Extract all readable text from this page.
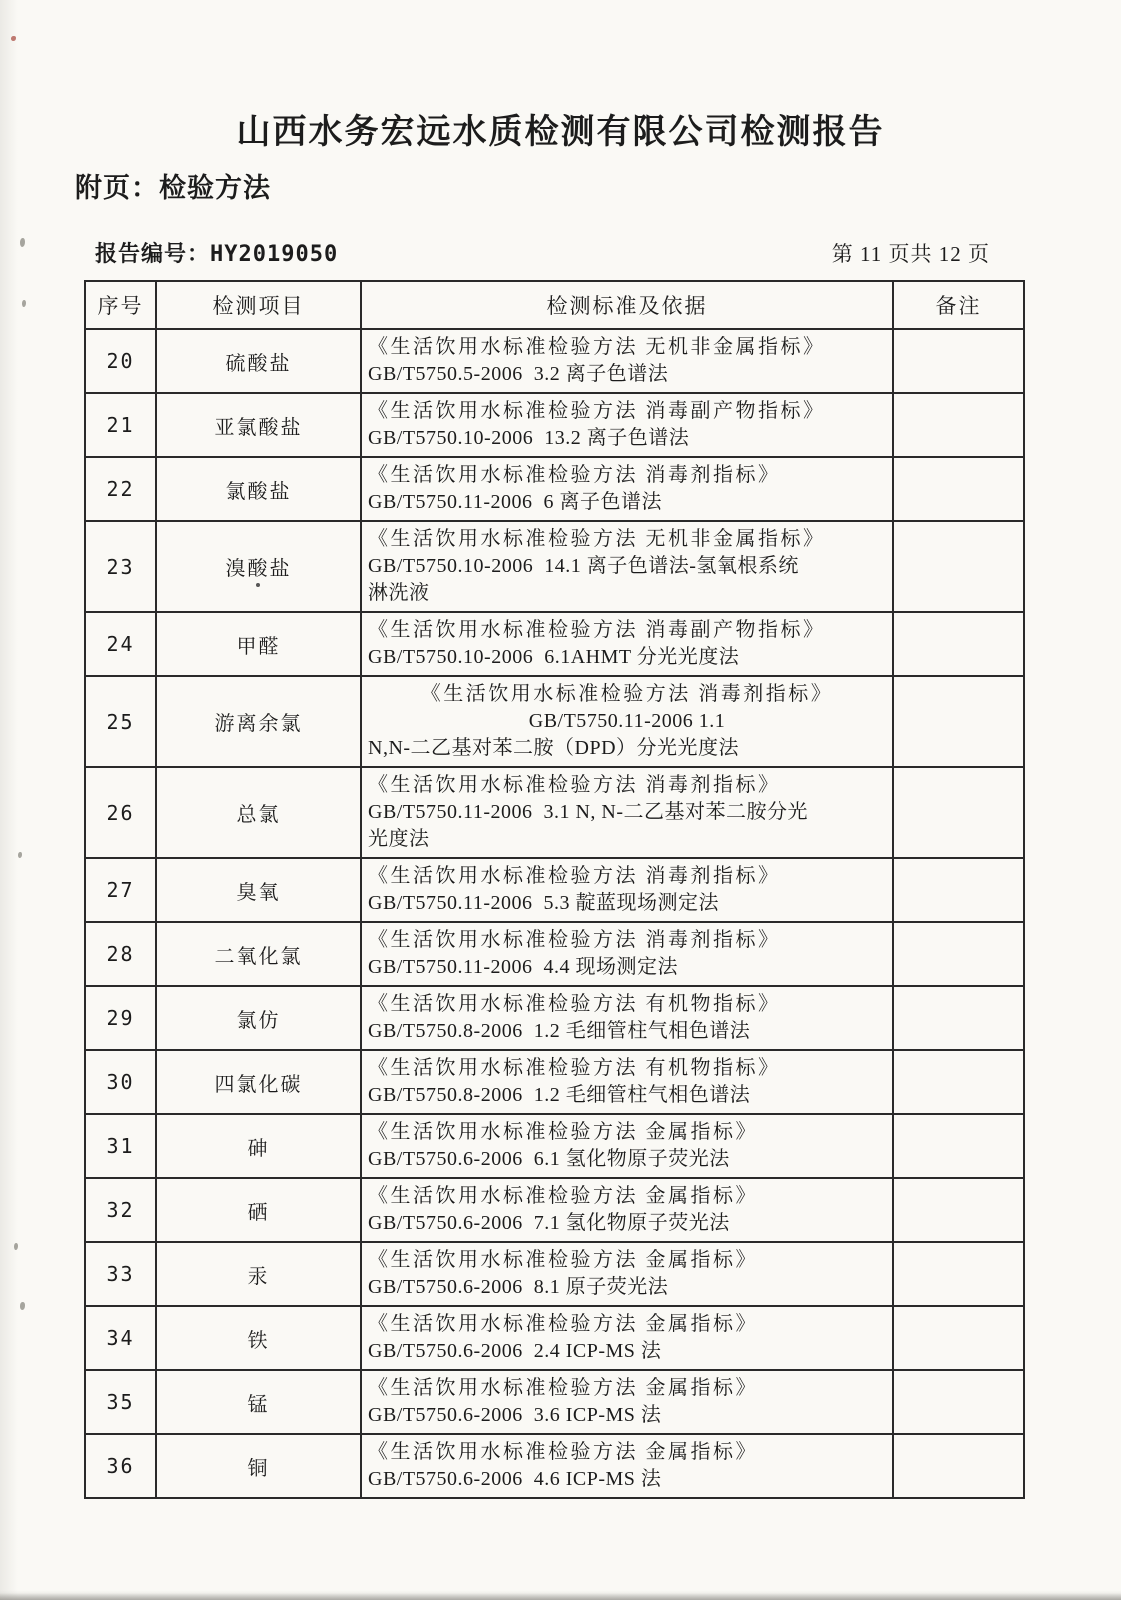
山西水务宏远水质检测有限公司检测报告
附页：检验方法
报告编号：HY2019050	第 11 页共 12 页
序号	检测项目	检测标准及依据	备注
20	硫酸盐	《生活饮用水标准检验方法 无机非金属指标》
GB/T5750.5-2006  3.2 离子色谱法	

21	亚氯酸盐	《生活饮用水标准检验方法 消毒副产物指标》
GB/T5750.10-2006  13.2 离子色谱法	

22	氯酸盐	《生活饮用水标准检验方法 消毒剂指标》
GB/T5750.11-2006  6 离子色谱法	

23	溴酸盐	《生活饮用水标准检验方法 无机非金属指标》
GB/T5750.10-2006  14.1 离子色谱法-氢氧根系统
淋洗液	

24	甲醛	《生活饮用水标准检验方法 消毒副产物指标》
GB/T5750.10-2006  6.1AHMT 分光光度法	

25	游离余氯	《生活饮用水标准检验方法 消毒剂指标》
GB/T5750.11-2006 1.1
N,N-二乙基对苯二胺（DPD）分光光度法	

26	总氯	《生活饮用水标准检验方法 消毒剂指标》
GB/T5750.11-2006  3.1 N, N-二乙基对苯二胺分光
光度法	

27	臭氧	《生活饮用水标准检验方法 消毒剂指标》
GB/T5750.11-2006  5.3 靛蓝现场测定法	

28	二氧化氯	《生活饮用水标准检验方法 消毒剂指标》
GB/T5750.11-2006  4.4 现场测定法	

29	氯仿	《生活饮用水标准检验方法 有机物指标》
GB/T5750.8-2006  1.2 毛细管柱气相色谱法	

30	四氯化碳	《生活饮用水标准检验方法 有机物指标》
GB/T5750.8-2006  1.2 毛细管柱气相色谱法	

31	砷	《生活饮用水标准检验方法 金属指标》
GB/T5750.6-2006  6.1 氢化物原子荧光法	

32	硒	《生活饮用水标准检验方法 金属指标》
GB/T5750.6-2006  7.1 氢化物原子荧光法	

33	汞	《生活饮用水标准检验方法 金属指标》
GB/T5750.6-2006  8.1 原子荧光法	

34	铁	《生活饮用水标准检验方法 金属指标》
GB/T5750.6-2006  2.4 ICP-MS 法	

35	锰	《生活饮用水标准检验方法 金属指标》
GB/T5750.6-2006  3.6 ICP-MS 法	

36	铜	《生活饮用水标准检验方法 金属指标》
GB/T5750.6-2006  4.6 ICP-MS 法	
